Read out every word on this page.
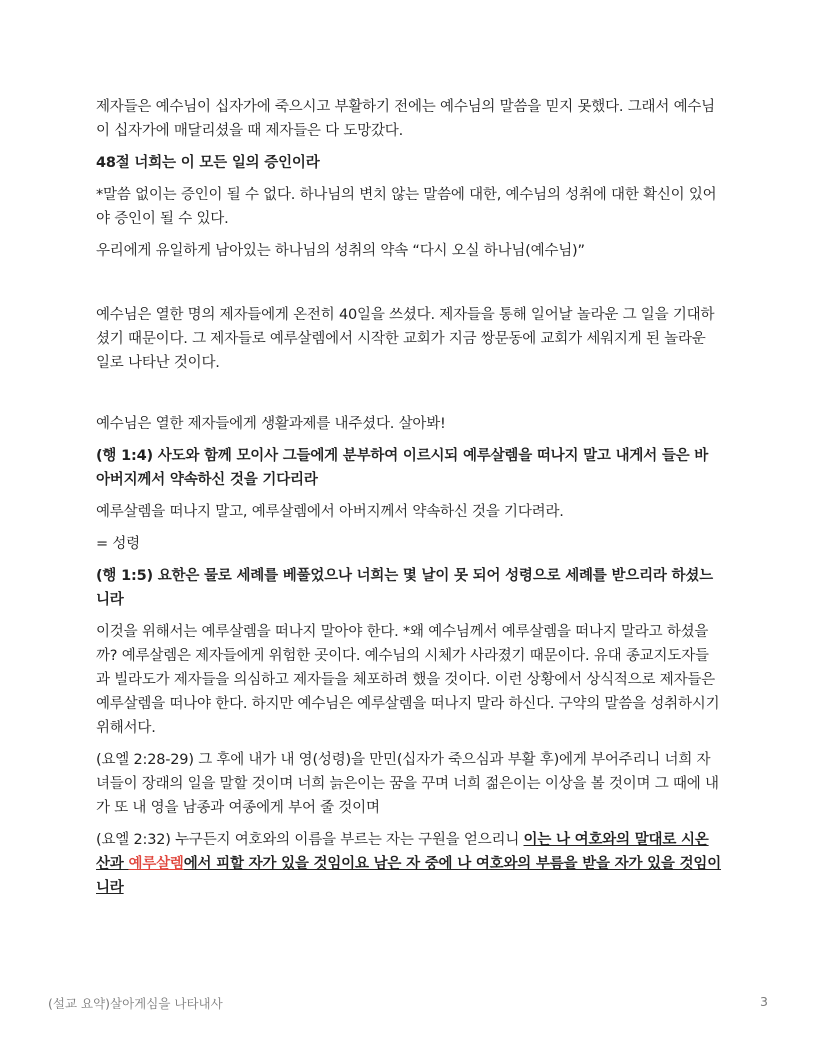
제자들은 예수님이 십자가에 죽으시고 부활하기 전에는 예수님의 말씀을 믿지 못했다. 그래서 예수님이 십자가에 매달리셨을 때 제자들은 다 도망갔다.

48절 너희는 이 모든 일의 증인이라

*말씀 없이는 증인이 될 수 없다. 하나님의 변치 않는 말씀에 대한, 예수님의 성취에 대한 확신이 있어야 증인이 될 수 있다.

우리에게 유일하게 남아있는 하나님의 성취의 약속 “다시 오실 하나님(예수님)”

예수님은 열한 명의 제자들에게 온전히 40일을 쓰셨다. 제자들을 통해 일어날 놀라운 그 일을 기대하셨기 때문이다. 그 제자들로 예루살렘에서 시작한 교회가 지금 쌍문동에 교회가 세워지게 된 놀라운 일로 나타난 것이다.

예수님은 열한 제자들에게 생활과제를 내주셨다. 살아봐!

(행 1:4) 사도와 함께 모이사 그들에게 분부하여 이르시되 예루살렘을 떠나지 말고 내게서 들은 바 아버지께서 약속하신 것을 기다리라

예루살렘을 떠나지 말고, 예루살렘에서 아버지께서 약속하신 것을 기다려라.

= 성령

(행 1:5) 요한은 물로 세례를 베풀었으나 너희는 몇 날이 못 되어 성령으로 세례를 받으리라 하셨느니라

이것을 위해서는 예루살렘을 떠나지 말아야 한다. *왜 예수님께서 예루살렘을 떠나지 말라고 하셨을까? 예루살렘은 제자들에게 위험한 곳이다. 예수님의 시체가 사라졌기 때문이다. 유대 종교지도자들과 빌라도가 제자들을 의심하고 제자들을 체포하려 했을 것이다. 이런 상황에서 상식적으로 제자들은 예루살렘을 떠나야 한다. 하지만 예수님은 예루살렘을 떠나지 말라 하신다. 구약의 말씀을 성취하시기 위해서다.

(요엘 2:28-29) 그 후에 내가 내 영(성령)을 만민(십자가 죽으심과 부활 후)에게 부어주리니 너희 자녀들이 장래의 일을 말할 것이며 너희 늙은이는 꿈을 꾸며 너희 젊은이는 이상을 볼 것이며 그 때에 내가 또 내 영을 남종과 여종에게 부어 줄 것이며

(요엘 2:32) 누구든지 여호와의 이름을 부르는 자는 구원을 얻으리니 이는 나 여호와의 말대로 시온
산과 예루살렘에서 피할 자가 있을 것임이요 남은 자 중에 나 여호와의 부름을 받을 자가 있을 것임이니라

(설교 요약)살아게심을 나타내사	3
